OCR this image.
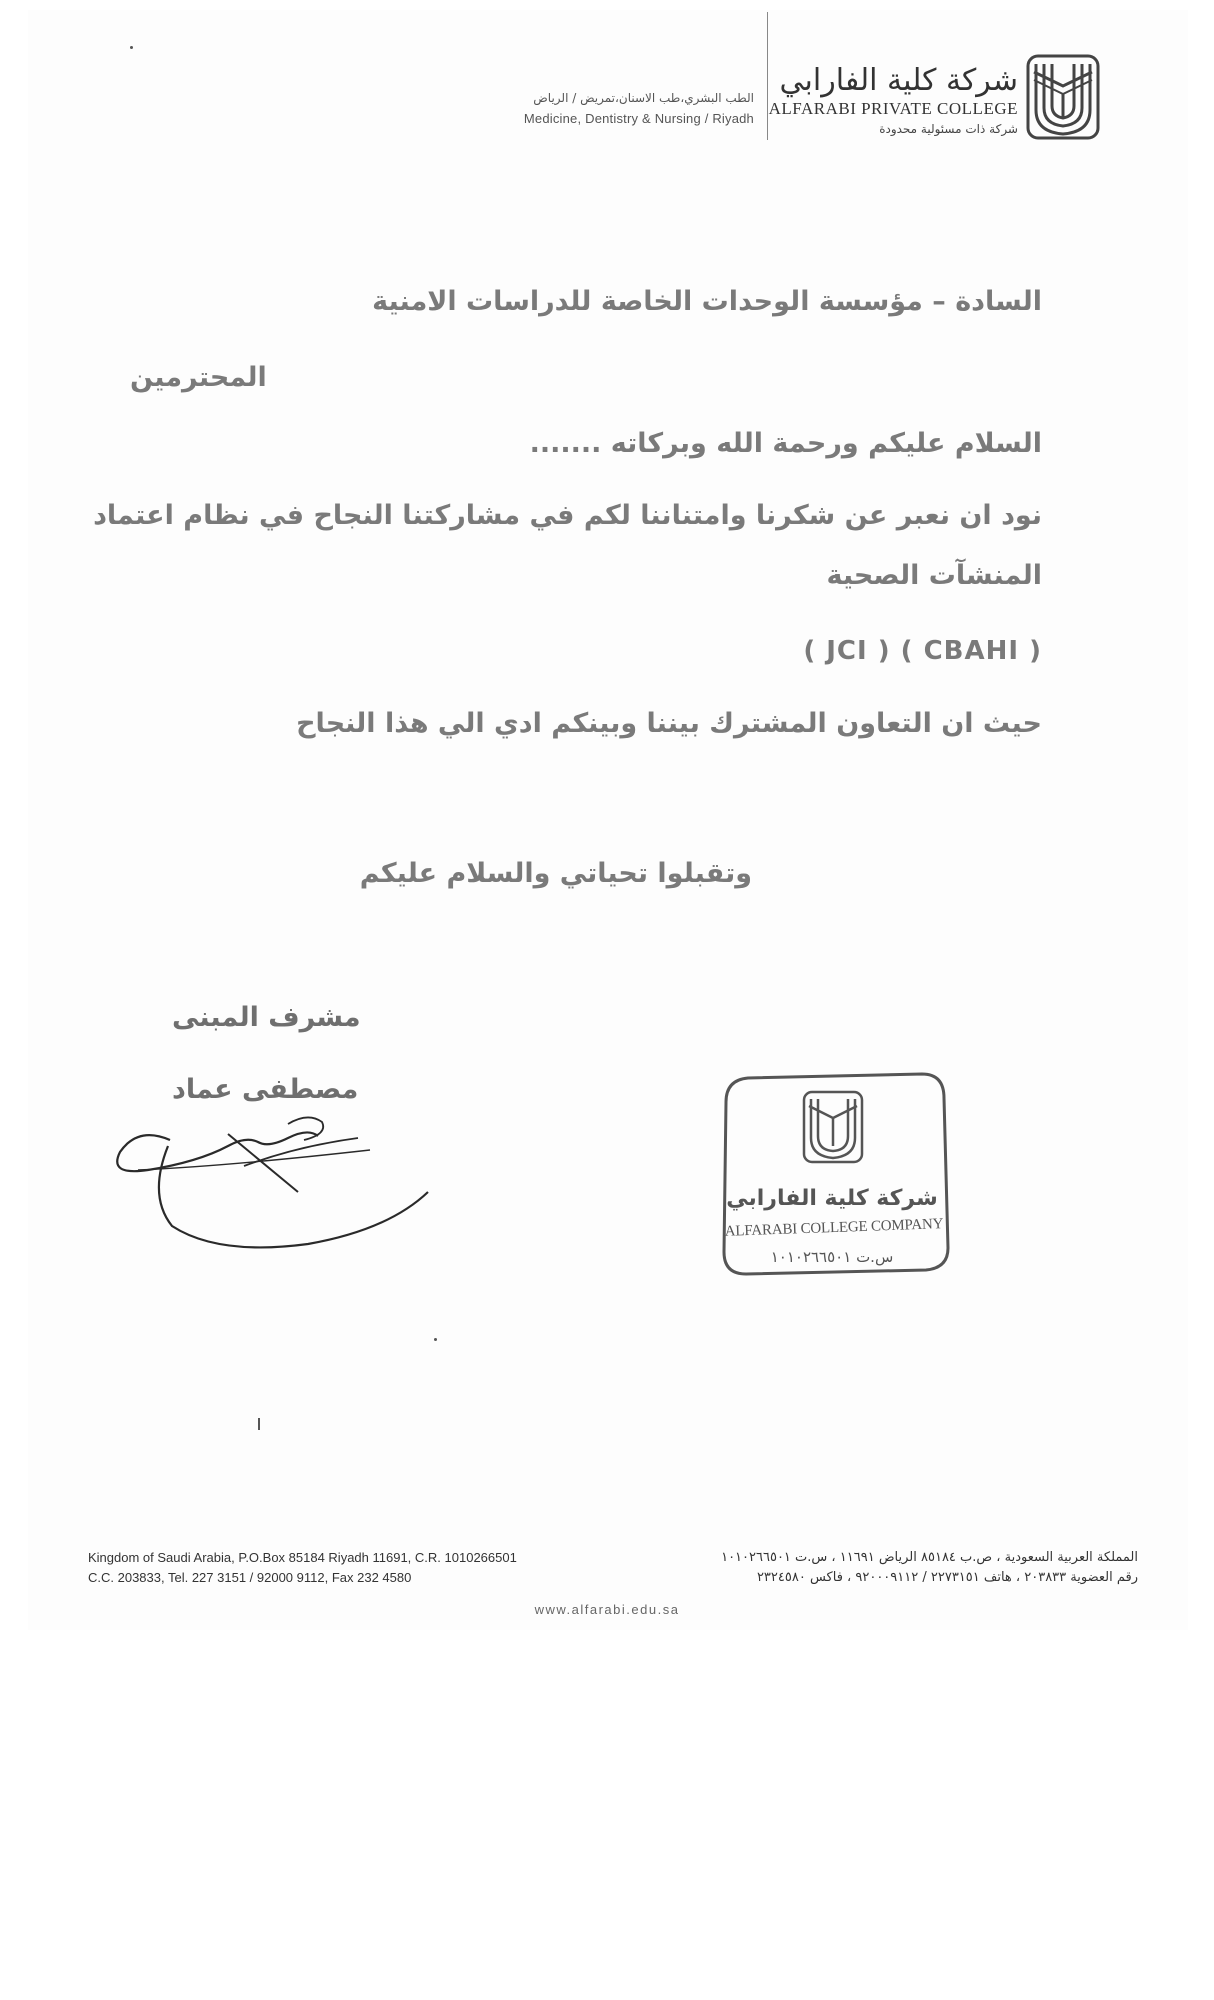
شركة كلية الفارابي
ALFARABI PRIVATE COLLEGE
شركة ذات مسئولية محدودة
الطب البشري،طب الاسنان،تمريض / الرياض
Medicine, Dentistry & Nursing / Riyadh
السادة – مؤسسة الوحدات الخاصة للدراسات الامنية
المحترمين
السلام عليكم ورحمة الله وبركاته .......
نود ان نعبر عن شكرنا وامتناننا لكم في مشاركتنا النجاح في نظام اعتماد
المنشآت الصحية
( JCI ) ( CBAHI )
حيث ان التعاون المشترك بيننا وبينكم ادي الي هذا النجاح
وتقبلوا تحياتي والسلام عليكم
مشرف المبنى
مصطفى عماد
شركة كلية الفارابي
ALFARABI COLLEGE COMPANY
س.ت ١٠١٠٢٦٦٥٠١
Kingdom of Saudi Arabia, P.O.Box 85184 Riyadh 11691, C.R. 1010266501
C.C. 203833, Tel. 227 3151 / 92000 9112, Fax 232 4580
المملكة العربية السعودية ، ص.ب ٨٥١٨٤ الرياض ١١٦٩١ ، س.ت ١٠١٠٢٦٦٥٠١
رقم العضوية ٢٠٣٨٣٣ ، هاتف ٢٢٧٣١٥١ / ٩٢٠٠٠٩١١٢ ، فاكس ٢٣٢٤٥٨٠
www.alfarabi.edu.sa
